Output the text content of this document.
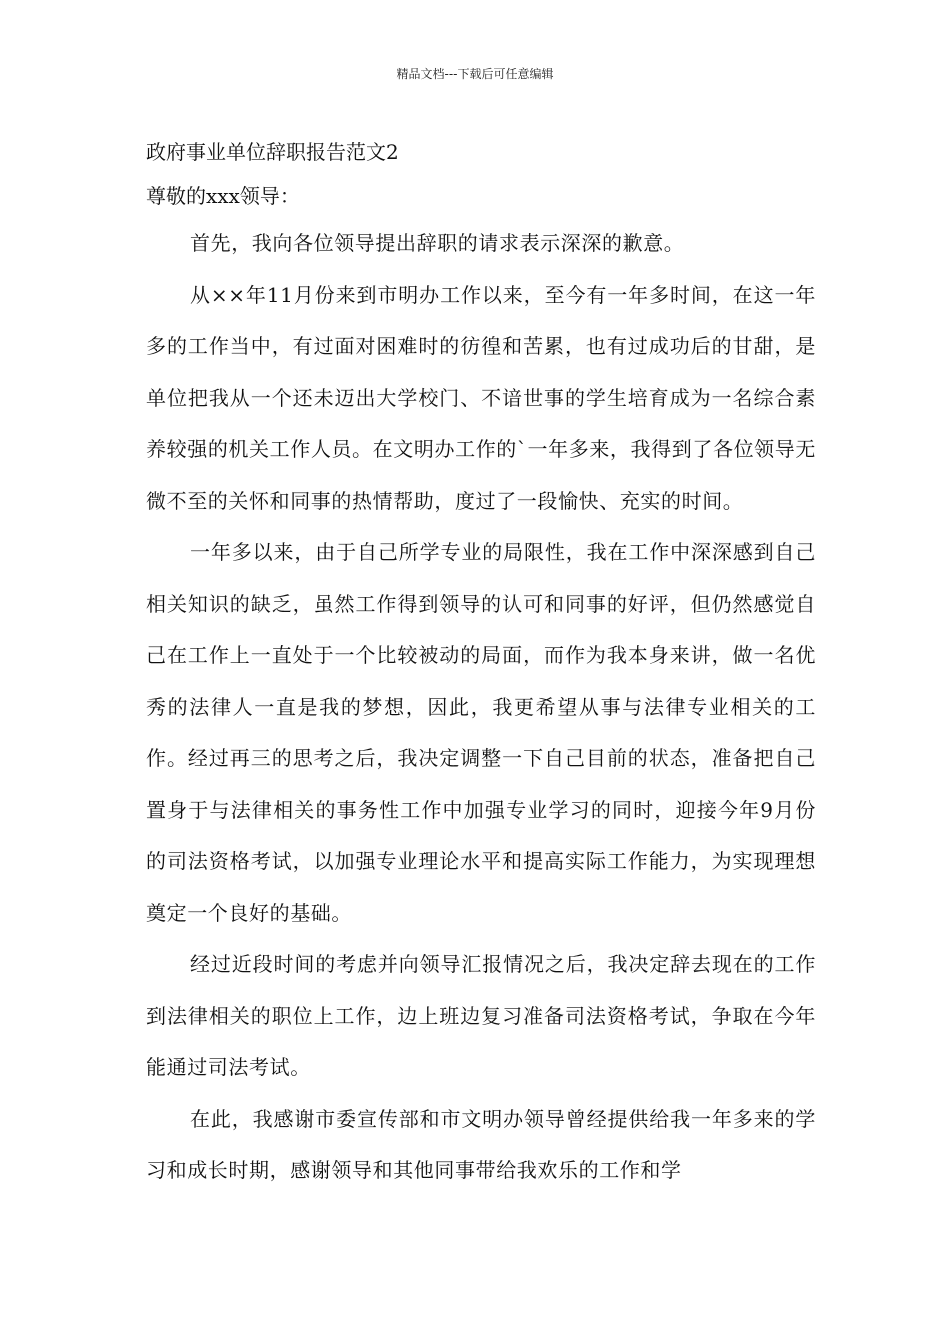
精品文档---下载后可任意编辑

政府事业单位辞职报告范文2

尊敬的xxx领导：

首先，我向各位领导提出辞职的请求表示深深的歉意。

从××年11月份来到市明办工作以来，至今有一年多时间，在这一年多的工作当中，有过面对困难时的彷徨和苦累，也有过成功后的甘甜，是单位把我从一个还未迈出大学校门、不谙世事的学生培育成为一名综合素养较强的机关工作人员。在文明办工作的`一年多来，我得到了各位领导无微不至的关怀和同事的热情帮助，度过了一段愉快、充实的时间。

一年多以来，由于自己所学专业的局限性，我在工作中深深感到自己相关知识的缺乏，虽然工作得到领导的认可和同事的好评，但仍然感觉自己在工作上一直处于一个比较被动的局面，而作为我本身来讲，做一名优秀的法律人一直是我的梦想，因此，我更希望从事与法律专业相关的工作。经过再三的思考之后，我决定调整一下自己目前的状态，准备把自己置身于与法律相关的事务性工作中加强专业学习的同时，迎接今年9月份的司法资格考试，以加强专业理论水平和提高实际工作能力，为实现理想奠定一个良好的基础。

经过近段时间的考虑并向领导汇报情况之后，我决定辞去现在的工作到法律相关的职位上工作，边上班边复习准备司法资格考试，争取在今年能通过司法考试。

在此，我感谢市委宣传部和市文明办领导曾经提供给我一年多来的学习和成长时期，感谢领导和其他同事带给我欢乐的工作和学
